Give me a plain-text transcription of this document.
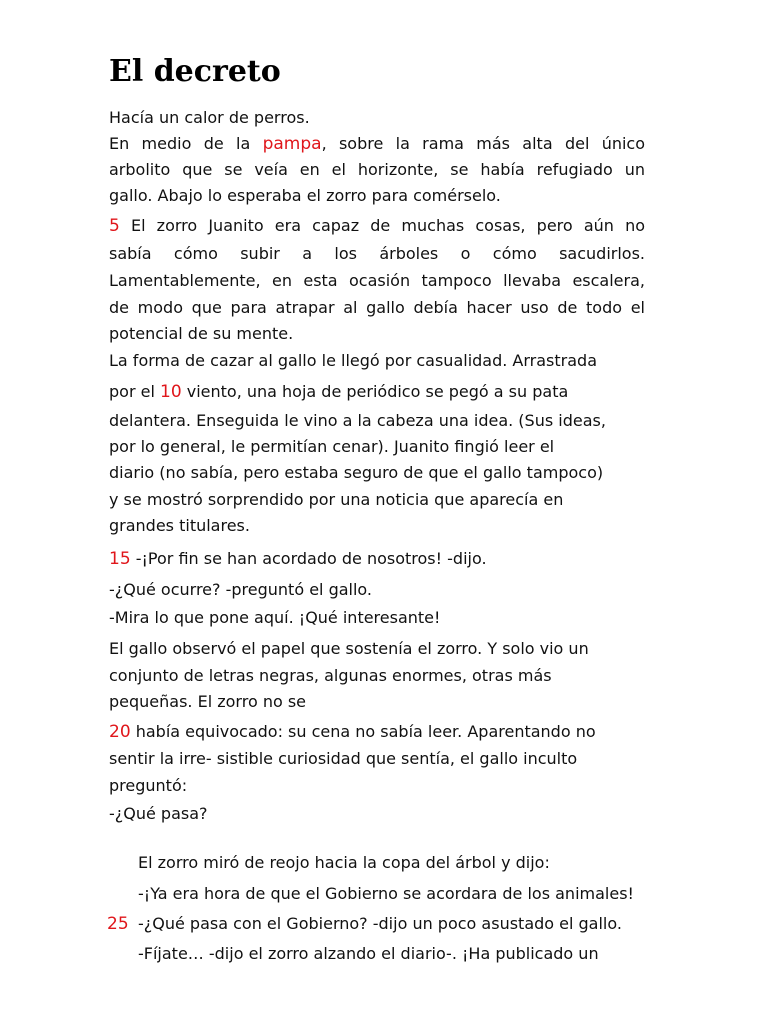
El decreto
Hacía un calor de perros.
En medio de la pampa, sobre la rama más alta del único
arbolito que se veía en el horizonte, se había refugiado un
gallo. Abajo lo esperaba el zorro para comérselo.
5 El zorro Juanito era capaz de muchas cosas, pero aún no
sabía cómo subir a los árboles o cómo sacudirlos.
Lamentablemente, en esta ocasión tampoco llevaba escalera,
de modo que para atrapar al gallo debía hacer uso de todo el
potencial de su mente.
La forma de cazar al gallo le llegó por casualidad. Arrastrada
por el 10 viento, una hoja de periódico se pegó a su pata
delantera. Enseguida le vino a la cabeza una idea. (Sus ideas,
por lo general, le permitían cenar). Juanito fingió leer el
diario (no sabía, pero estaba seguro de que el gallo tampoco)
y se mostró sorprendido por una noticia que aparecía en
grandes titulares.
15 -¡Por fin se han acordado de nosotros! -dijo.
-¿Qué ocurre? -preguntó el gallo.
-Mira lo que pone aquí. ¡Qué interesante!
El gallo observó el papel que sostenía el zorro. Y solo vio un
conjunto de letras negras, algunas enormes, otras más
pequeñas. El zorro no se
20 había equivocado: su cena no sabía leer. Aparentando no
sentir la irre- sistible curiosidad que sentía, el gallo inculto
preguntó:
-¿Qué pasa?
El zorro miró de reojo hacia la copa del árbol y dijo:
-¡Ya era hora de que el Gobierno se acordara de los animales!
25 -¿Qué pasa con el Gobierno? -dijo un poco asustado el gallo.
-Fíjate… -dijo el zorro alzando el diario-. ¡Ha publicado un
